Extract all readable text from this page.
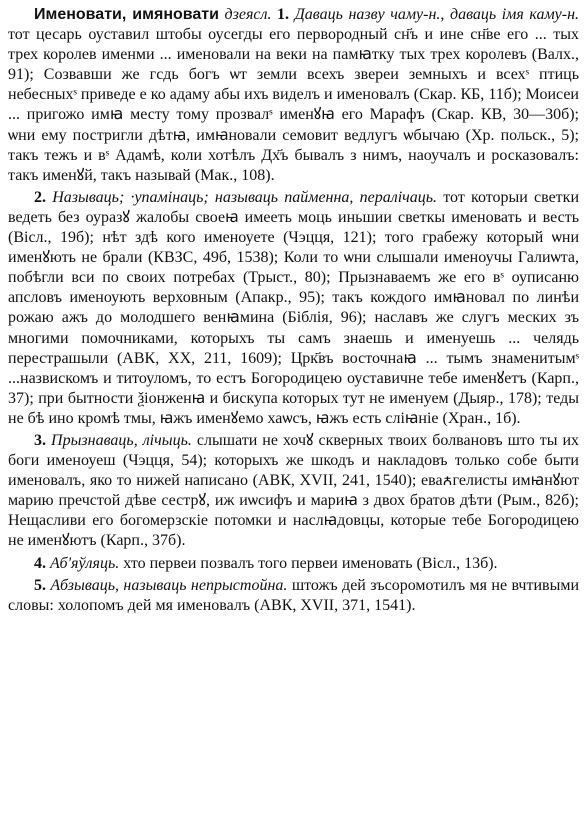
Именовати, имяновати дзеясл. 1. Даваць назву чаму-н., даваць імя каму-н. тот цесарь оуставил штобы оусегды его первородный сн҃ъ и ине сн҃ве его ... тых трех королев именми ... именовали на веки на памꙗтку тых трех королевъ (Валх., 91); Созвавши же гсдь богъ ѡт земли всехъ звереи земныхъ и всехˢ птиць небесныхˢ приведе е ко адаму абы ихъ виделъ и именовалъ (Скар. КБ, 11б); Моисеи ... пригожо имꙗ месту тому прозвалˢ именꙋꙗ его Марафъ (Скар. КВ, 30—30б); ѡни ему постригли дѣтꙗ, имꙗновали семовит ведлугъ ѡбычаю (Хр. польск., 5); такъ тежъ и вˢ Адамѣ, коли хотѣлъ Дх҃ъ бывалъ з нимъ, наоучалъ и росказовалъ: такъ именꙋй, такъ называй (Мак., 108).

2. Называць; ·упамінаць; называць пайменна, пералічаць. тот которыи светки ведеть без оуразꙋ жалобы своеꙗ имееть моць иньшии светкы именовать и весть (Вісл., 19б); нѣт здѣ кого именоуете (Чэцця, 121); того грабежу который ѡни именꙋють не брали (КВЗС, 49б, 1538); Коли то ѡни слышали именоучы Галиѡта, побѣгли вси по своих потребах (Трыст., 80); Прызнаваемъ же его вˢ оуписаню апсловъ именоують верховным (Апакр., 95); такъ кождого имꙗновал по линѣи рожаю ажъ до молодшего венꙗмина (Біблія, 96); наславъ же слугъ меских зъ многими помочниками, которыхъ ты самъ знаешь и именуешь ... челядь перестрашыли (АВК, XX, 211, 1609); Црк҃въ восточнаꙗ ... тымъ знаменитымˢ ...назвискомъ и титоуломъ, то естъ Богородицею оуставичне тебе именꙋетъ (Карп., 37); при бытности ѯіонженꙗ и бискупа которых тут не именуем (Дыяр., 178); теды не бѣ ино кромѣ тмы, ꙗжъ именꙋемо хаѡсъ, ꙗжъ есть сліꙗніе (Хран., 1б).

3. Прызнаваць, лічыць. слышати не хочꙋ скверных твоих болвановъ што ты их боги именоуеш (Чэцця, 54); которыхъ же шкодъ и накладовъ только собе быти именовалъ, яко то нижей написано (АВК, XVII, 241, 1540); еваꙉгелисты имꙗнꙋют марию пречстой дѣве сестрꙋ, иж иѡсифъ и мариꙗ з двох братов дѣти (Рым., 82б); Нещасливи его богомерзскіе потомки и наслꙗдовцы, которые тебе Богородицею не именꙋютъ (Карп., 37б).

4. Аб'яўляць. хто первеи позвалъ того первеи именовать (Вісл., 13б).

5. Абзываць, называць непрыстойна. штожъ дей зъсоромотилъ мя не вчтивыми словы: холопомъ дей мя именовалъ (АВК, XVII, 371, 1541).
